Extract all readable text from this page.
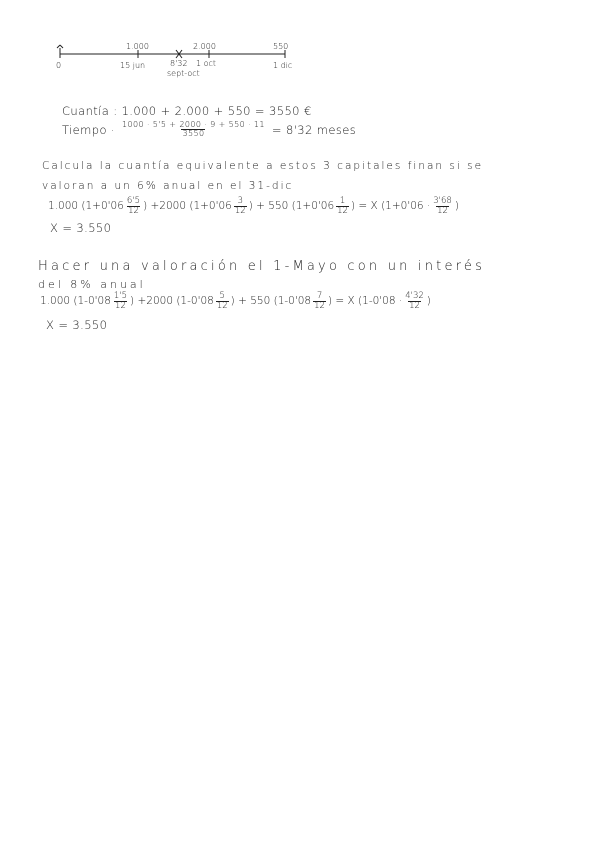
1.000	2.000	550
0	15 jun	8'32 1 oct	1 dic
sept-oct
Cuantía : 1.000 + 2.000 + 550 = 3550 €
Tiempo · $\frac{1000 \cdot 5'5 + 2000 \cdot 9 + 550 \cdot 11}{3550} = 8'32$ meses
Calcula la cuantía equivalente a estos 3 capitales finan si se
valoran a un 6% anual en el 31-dic
1.000 ($1+0'06 \frac{6'5}{12}$ ) +2000 ($1+0'06 \frac{3}{12}$ ) + 550 ($1+0'06 \frac{1}{12}$ ) = X ($1+0'06 \cdot \frac{3'68}{12}$ )
X = 3.550
Hacer una valoración el 1-Mayo con un interés
del 8% anual
1.000 ($1-0'08 \frac{1'5}{12}$ ) +2000 ($1-0'08 \frac{5}{12}$ ) + 550 ($1-0'08 \frac{7}{12}$ ) = X ($1-0'08 \cdot \frac{4'32}{12}$ )
X = 3.550
